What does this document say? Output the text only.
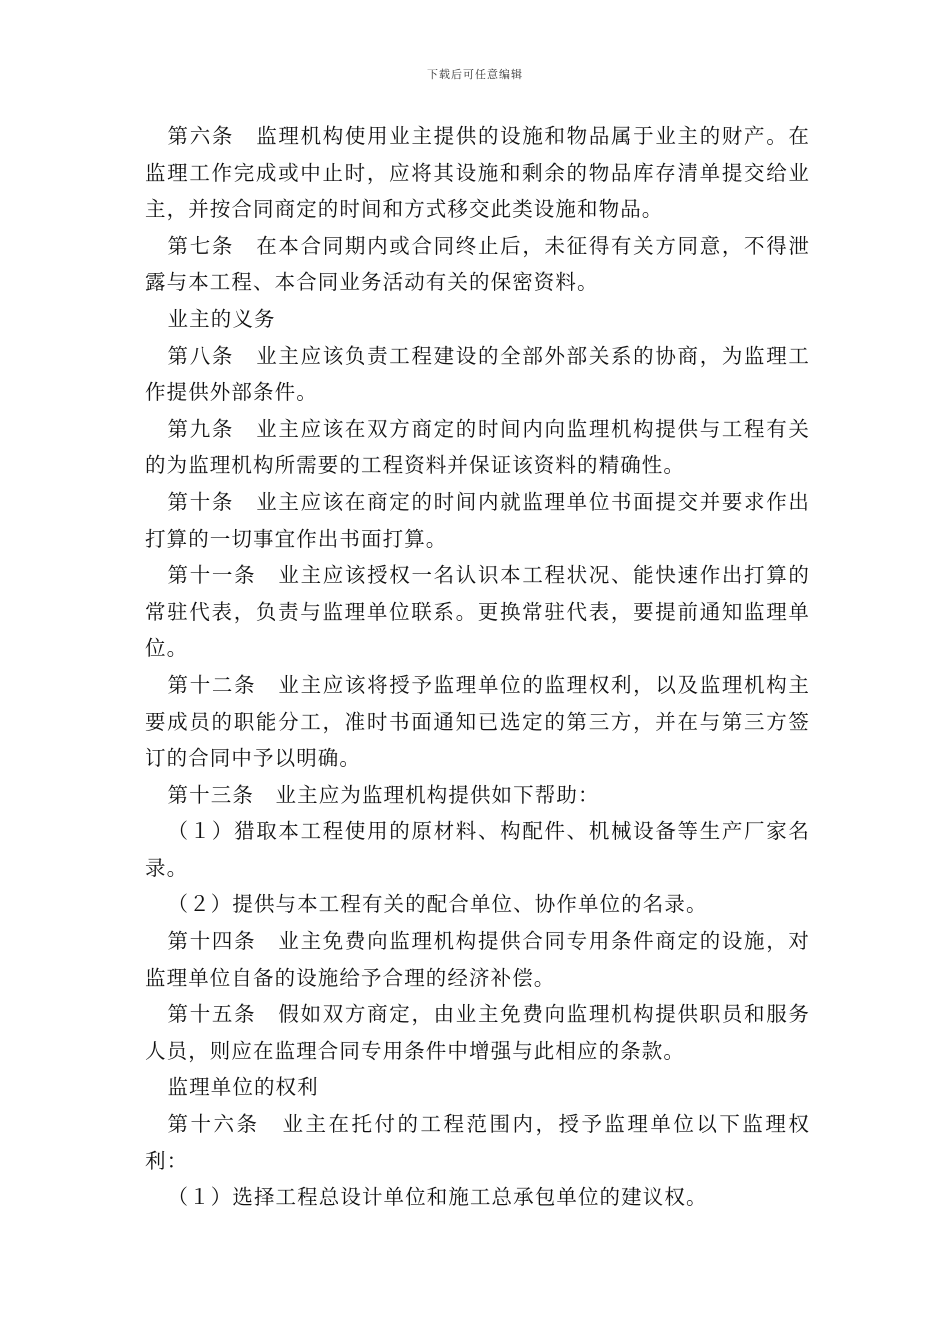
下载后可任意编辑

第六条　监理机构使用业主提供的设施和物品属于业主的财产。在监理工作完成或中止时，应将其设施和剩余的物品库存清单提交给业主，并按合同商定的时间和方式移交此类设施和物品。

第七条　在本合同期内或合同终止后，未征得有关方同意，不得泄露与本工程、本合同业务活动有关的保密资料。

业主的义务

第八条　业主应该负责工程建设的全部外部关系的协商，为监理工作提供外部条件。

第九条　业主应该在双方商定的时间内向监理机构提供与工程有关的为监理机构所需要的工程资料并保证该资料的精确性。

第十条　业主应该在商定的时间内就监理单位书面提交并要求作出打算的一切事宜作出书面打算。

第十一条　业主应该授权一名认识本工程状况、能快速作出打算的常驻代表，负责与监理单位联系。更换常驻代表，要提前通知监理单位。

第十二条　业主应该将授予监理单位的监理权利，以及监理机构主要成员的职能分工，准时书面通知已选定的第三方，并在与第三方签订的合同中予以明确。

第十三条　业主应为监理机构提供如下帮助：

（１）猎取本工程使用的原材料、构配件、机械设备等生产厂家名录。

（２）提供与本工程有关的配合单位、协作单位的名录。

第十四条　业主免费向监理机构提供合同专用条件商定的设施，对监理单位自备的设施给予合理的经济补偿。

第十五条　假如双方商定，由业主免费向监理机构提供职员和服务人员，则应在监理合同专用条件中增强与此相应的条款。

监理单位的权利

第十六条　业主在托付的工程范围内，授予监理单位以下监理权利：

（１）选择工程总设计单位和施工总承包单位的建议权。
